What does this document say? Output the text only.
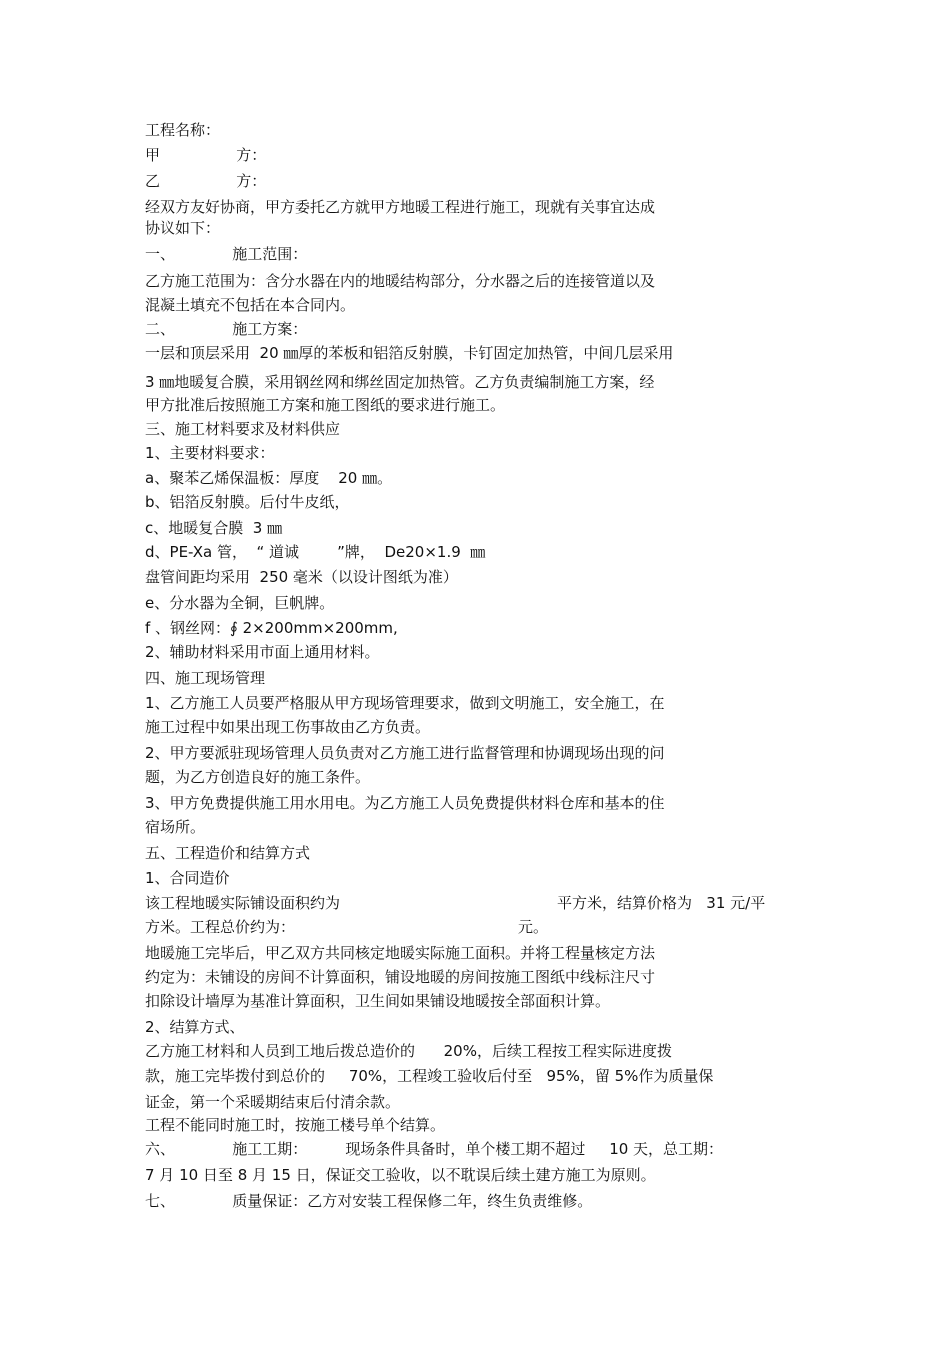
工程名称：

甲                方：

乙                方：

经双方友好协商，甲方委托乙方就甲方地暖工程进行施工，现就有关事宜达成

协议如下：

一、            施工范围：

乙方施工范围为：含分水器在内的地暖结构部分，分水器之后的连接管道以及

混凝土填充不包括在本合同内。

二、            施工方案：

一层和顶层采用  20 ㎜厚的苯板和铝箔反射膜，卡钉固定加热管，中间几层采用

3 ㎜地暖复合膜，采用钢丝网和绑丝固定加热管。乙方负责编制施工方案，经

甲方批准后按照施工方案和施工图纸的要求进行施工。

三、施工材料要求及材料供应

1、主要材料要求：

a、聚苯乙烯保温板：厚度    20 ㎜。

b、铝箔反射膜。后付牛皮纸，

c、地暖复合膜  3 ㎜

d、PE-Xa 管，  “ 道诚        ”牌，  De20×1.9  ㎜

盘管间距均采用  250 毫米（以设计图纸为准）

e、分水器为全铜，巨帆牌。

f 、钢丝网：∮ 2×200mm×200mm,

2、辅助材料采用市面上通用材料。

四、施工现场管理

1、乙方施工人员要严格服从甲方现场管理要求，做到文明施工，安全施工，在

施工过程中如果出现工伤事故由乙方负责。

2、甲方要派驻现场管理人员负责对乙方施工进行监督管理和协调现场出现的问

题，为乙方创造良好的施工条件。

3、甲方免费提供施工用水用电。为乙方施工人员免费提供材料仓库和基本的住

宿场所。

五、工程造价和结算方式

1、合同造价

该工程地暖实际铺设面积约为	平方米，结算价格为   31 元/平

方米。工程总价约为：	元。

地暖施工完毕后，甲乙双方共同核定地暖实际施工面积。并将工程量核定方法

约定为：未铺设的房间不计算面积，铺设地暖的房间按施工图纸中线标注尺寸

扣除设计墙厚为基准计算面积，卫生间如果铺设地暖按全部面积计算。

2、结算方式、

乙方施工材料和人员到工地后拨总造价的      20%，后续工程按工程实际进度拨

款，施工完毕拨付到总价的     70%，工程竣工验收后付至   95%，留 5%作为质量保

证金，第一个采暖期结束后付清余款。

工程不能同时施工时，按施工楼号单个结算。

六、            施工工期：        现场条件具备时，单个楼工期不超过     10 天，总工期：

7 月 10 日至 8 月 15 日，保证交工验收，以不耽误后续土建方施工为原则。

七、            质量保证：乙方对安装工程保修二年，终生负责维修。
